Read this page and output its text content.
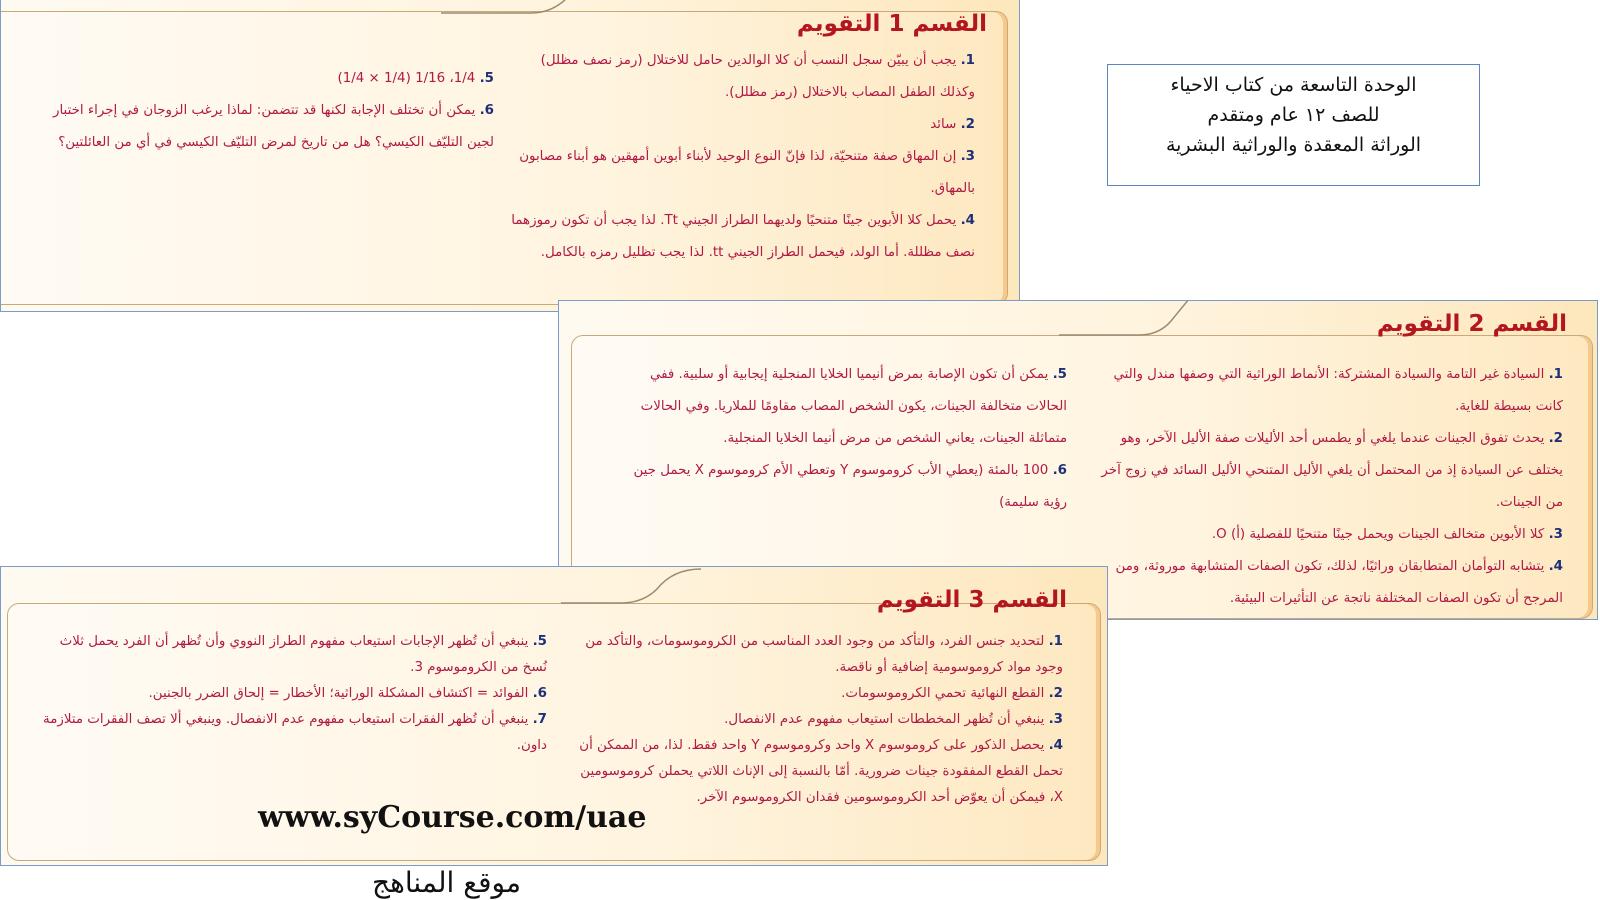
القسم 1 التقويم

1. يجب أن يبيّن سجل النسب أن كلا الوالدين حامل للاختلال (رمز نصف مظلل) وكذلك الطفل المصاب بالاختلال (رمز مظلل).

2. سائد

3. إن المهاق صفة متنحيّة، لذا فإنّ النوع الوحيد لأبناء أبوين أمهقين هو أبناء مصابون بالمهاق.

4. يحمل كلا الأبوين جينًا متنحيًا ولديهما الطراز الجيني Tt. لذا يجب أن تكون رموزهما نصف مظللة. أما الولد، فيحمل الطراز الجيني tt. لذا يجب تظليل رمزه بالكامل.

5. 1/4، 1/16 (1/4 × 1/4)

6. يمكن أن تختلف الإجابة لكنها قد تتضمن: لماذا يرغب الزوجان في إجراء اختبار لجين التليّف الكيسي؟ هل من تاريخ لمرض التليّف الكيسي في أي من العائلتين؟

الوحدة التاسعة من كتاب الاحياء
للصف ١٢ عام ومتقدم
الوراثة المعقدة والوراثية البشرية
القسم 2 التقويم

1. السيادة غير التامة والسيادة المشتركة: الأنماط الوراثية التي وصفها مندل والتي كانت بسيطة للغاية.

2. يحدث تفوق الجينات عندما يلغي أو يطمس أحد الأليلات صفة الأليل الآخر، وهو يختلف عن السيادة إذ من المحتمل أن يلغي الأليل المتنحي الأليل السائد في زوج آخر من الجينات.

3. كلا الأبوين متخالف الجينات ويحمل جينًا متنحيًا للفصلية (أ) O.

4. يتشابه التوأمان المتطابقان وراثيًا، لذلك، تكون الصفات المتشابهة موروثة، ومن المرجح أن تكون الصفات المختلفة ناتجة عن التأثيرات البيئية.

5. يمكن أن تكون الإصابة بمرض أنيميا الخلايا المنجلية إيجابية أو سلبية. ففي الحالات متخالفة الجينات، يكون الشخص المصاب مقاومًا للملاريا. وفي الحالات متماثلة الجينات، يعاني الشخص من مرض أنيما الخلايا المنجلية.

6. 100 بالمئة (يعطي الأب كروموسوم Y وتعطي الأم كروموسوم X يحمل جين رؤية سليمة)

القسم 3 التقويم

1. لتحديد جنس الفرد، والتأكد من وجود العدد المناسب من الكروموسومات، والتأكد من وجود مواد كروموسومية إضافية أو ناقصة.

2. القطع النهائية تحمي الكروموسومات.

3. ينبغي أن تُظهر المخططات استيعاب مفهوم عدم الانفصال.

4. يحصل الذكور على كروموسوم X واحد وكروموسوم Y واحد فقط. لذا، من الممكن أن تحمل القطع المفقودة جينات ضرورية. أمّا بالنسبة إلى الإناث اللاتي يحملن كروموسومين X، فيمكن أن يعوّض أحد الكروموسومين فقدان الكروموسوم الآخر.

5. ينبغي أن تُظهر الإجابات استيعاب مفهوم الطراز النووي وأن تُظهر أن الفرد يحمل ثلاث نُسخ من الكروموسوم 3.

6. الفوائد = اكتشاف المشكلة الوراثية؛ الأخطار = إلحاق الضرر بالجنين.

7. ينبغي أن تُظهر الفقرات استيعاب مفهوم عدم الانفصال. وينبغي ألا تصف الفقرات متلازمة داون.

www.syCourse.com/uae
موقع المناهج
